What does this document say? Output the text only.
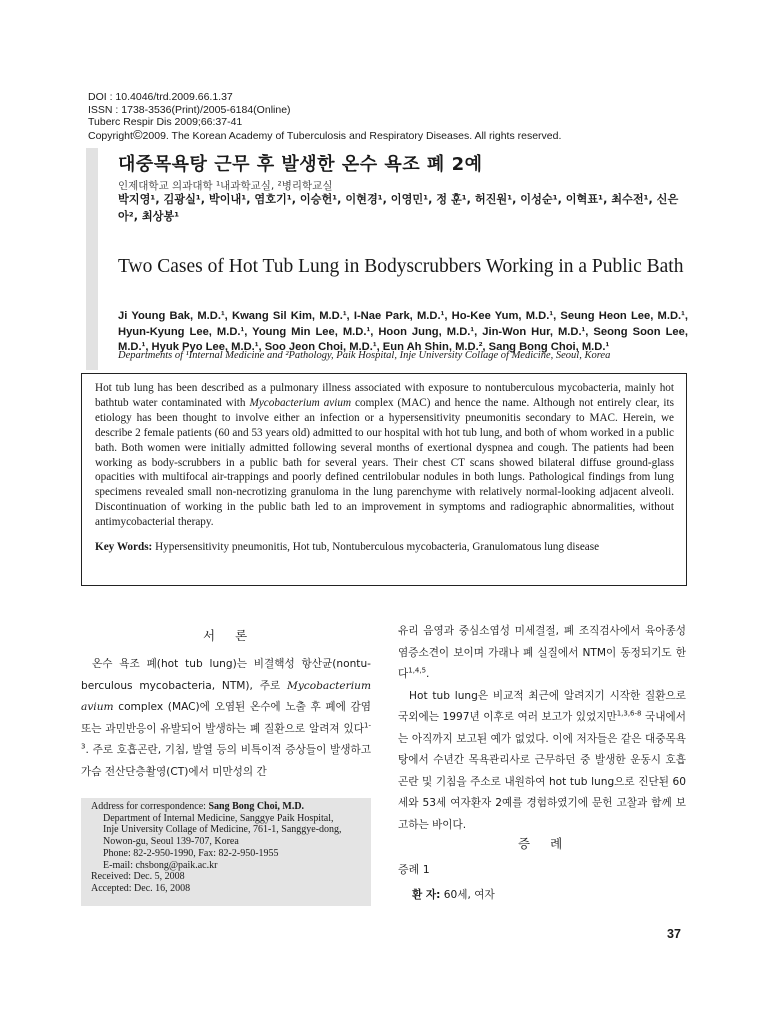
DOI : 10.4046/trd.2009.66.1.37
ISSN : 1738-3536(Print)/2005-6184(Online)
Tuberc Respir Dis 2009;66:37-41
Copyright©2009. The Korean Academy of Tuberculosis and Respiratory Diseases. All rights reserved.
대중목욕탕 근무 후 발생한 온수 욕조 폐 2예
인제대학교 의과대학 ¹내과학교실, ²병리학교실
박지영¹, 김광실¹, 박이내¹, 염호기¹, 이승헌¹, 이현경¹, 이영민¹, 정 훈¹, 허진원¹, 이성순¹, 이혁표¹, 최수전¹, 신은아², 최상봉¹
Two Cases of Hot Tub Lung in Bodyscrubbers Working in a Public Bath
Ji Young Bak, M.D.¹, Kwang Sil Kim, M.D.¹, I-Nae Park, M.D.¹, Ho-Kee Yum, M.D.¹, Seung Heon Lee, M.D.¹, Hyun-Kyung Lee, M.D.¹, Young Min Lee, M.D.¹, Hoon Jung, M.D.¹, Jin-Won Hur, M.D.¹, Seong Soon Lee, M.D.¹, Hyuk Pyo Lee, M.D.¹, Soo Jeon Choi, M.D.¹, Eun Ah Shin, M.D.², Sang Bong Choi, M.D.¹
Departments of ¹Internal Medicine and ²Pathology, Paik Hospital, Inje University Collage of Medicine, Seoul, Korea
Hot tub lung has been described as a pulmonary illness associated with exposure to nontuberculous mycobacteria, mainly hot bathtub water contaminated with Mycobacterium avium complex (MAC) and hence the name. Although not entirely clear, its etiology has been thought to involve either an infection or a hypersensitivity pneumonitis secondary to MAC. Herein, we describe 2 female patients (60 and 53 years old) admitted to our hospital with hot tub lung, and both of whom worked in a public bath. Both women were initially admitted following several months of exertional dyspnea and cough. The patients had been working as body-scrubbers in a public bath for several years. Their chest CT scans showed bilateral diffuse ground-glass opacities with multifocal air-trappings and poorly defined centrilobular nodules in both lungs. Pathological findings from lung specimens revealed small non-necrotizing granuloma in the lung parenchyme with relatively normal-looking adjacent alveoli. Discontinuation of working in the public bath led to an improvement in symptoms and radiographic abnormalities, without antimycobacterial therapy.
Key Words: Hypersensitivity pneumonitis, Hot tub, Nontuberculous mycobacteria, Granulomatous lung disease
서론

온수 욕조 폐(hot tub lung)는 비결핵성 항산균(nontu-berculous mycobacteria, NTM), 주로 Mycobacterium avium complex (MAC)에 오염된 온수에 노출 후 폐에 감염 또는 과민반응이 유발되어 발생하는 폐 질환으로 알려져 있다$^{1-3}$. 주로 호흡곤란, 기침, 발열 등의 비특이적 증상들이 발생하고 가슴 전산단층촬영(CT)에서 미만성의 간

유리 음영과 중심소엽성 미세결절, 폐 조직검사에서 육아종성 염증소견이 보이며 가래나 폐 실질에서 NTM이 동정되기도 한다$^{1,4,5}$.

Hot tub lung은 비교적 최근에 알려지기 시작한 질환으로 국외에는 1997년 이후로 여러 보고가 있었지만$^{1,3,6-8}$ 국내에서는 아직까지 보고된 예가 없었다. 이에 저자들은 같은 대중목욕탕에서 수년간 목욕관리사로 근무하던 중 발생한 운동시 호흡곤란 및 기침을 주소로 내원하여 hot tub lung으로 진단된 60세와 53세 여자환자 2예를 경험하였기에 문헌 고찰과 함께 보고하는 바이다.

증례
증례 1
환 자: 60세, 여자
Address for correspondence: Sang Bong Choi, M.D.
Department of Internal Medicine, Sanggye Paik Hospital,
Inje University Collage of Medicine, 761-1, Sanggye-dong,
Nowon-gu, Seoul 139-707, Korea
Phone: 82-2-950-1990, Fax: 82-2-950-1955
E-mail: chsbong@paik.ac.kr
Received: Dec. 5, 2008
Accepted: Dec. 16, 2008
37
